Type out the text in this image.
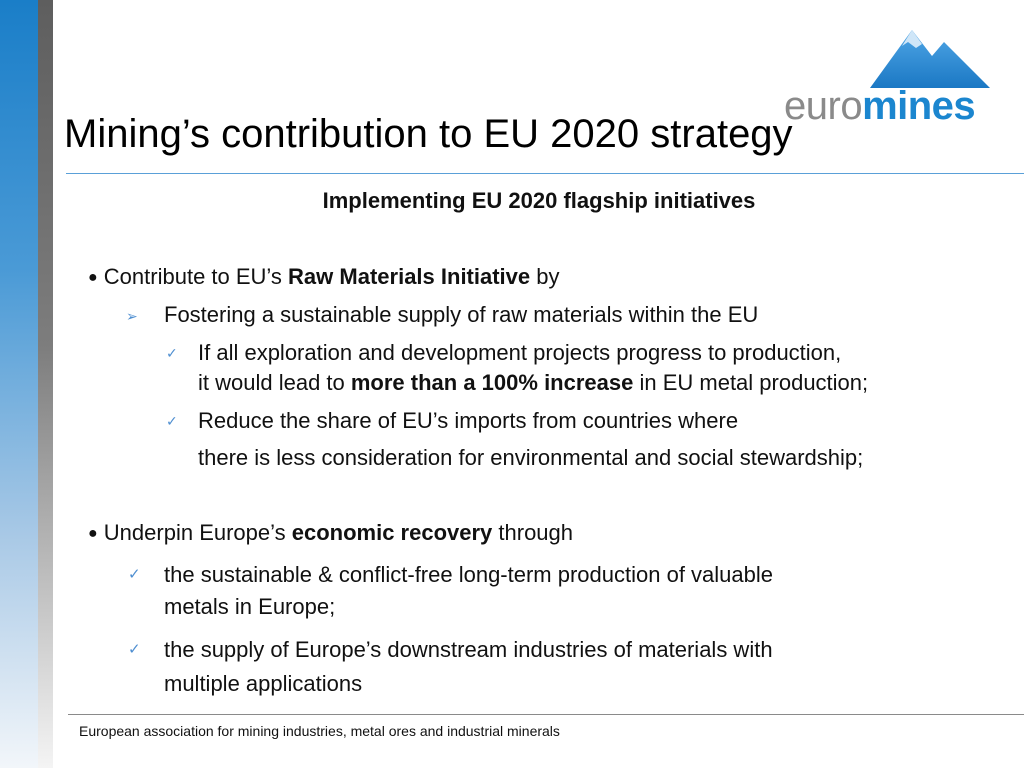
euromines
Mining’s contribution to EU 2020 strategy
Implementing EU 2020 flagship initiatives
● Contribute to EU’s Raw Materials Initiative by
➢ Fostering a sustainable supply of raw materials within the EU
✓ If all exploration and development projects progress to production,
it would lead to more than a 100% increase in EU metal production;
✓ Reduce the share of EU’s imports from countries where
there is less consideration for environmental and social stewardship;
● Underpin Europe’s economic recovery through
✓ the sustainable & conflict-free long-term production of valuable
metals in Europe;
✓ the supply of Europe’s downstream industries of materials with
multiple applications
European association for mining industries, metal ores and industrial minerals
